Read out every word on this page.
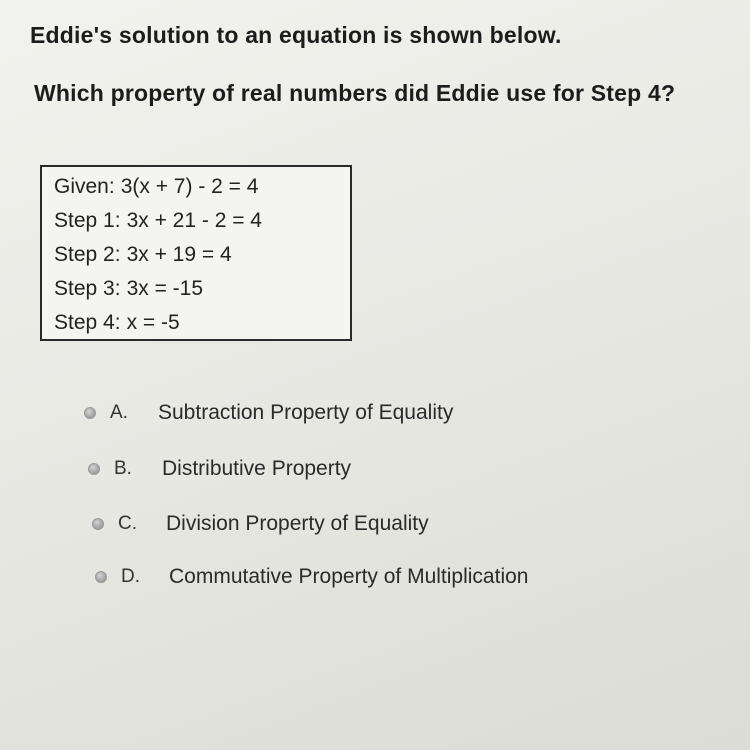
Eddie's solution to an equation is shown below.

Which property of real numbers did Eddie use for Step 4?

Given: 3(x + 7) - 2 = 4
Step 1: 3x + 21 - 2 = 4
Step 2: 3x + 19 = 4
Step 3: 3x = -15
Step 4: x = -5
A.	Subtraction Property of Equality
B.	Distributive Property
C.	Division Property of Equality
D.	Commutative Property of Multiplication
